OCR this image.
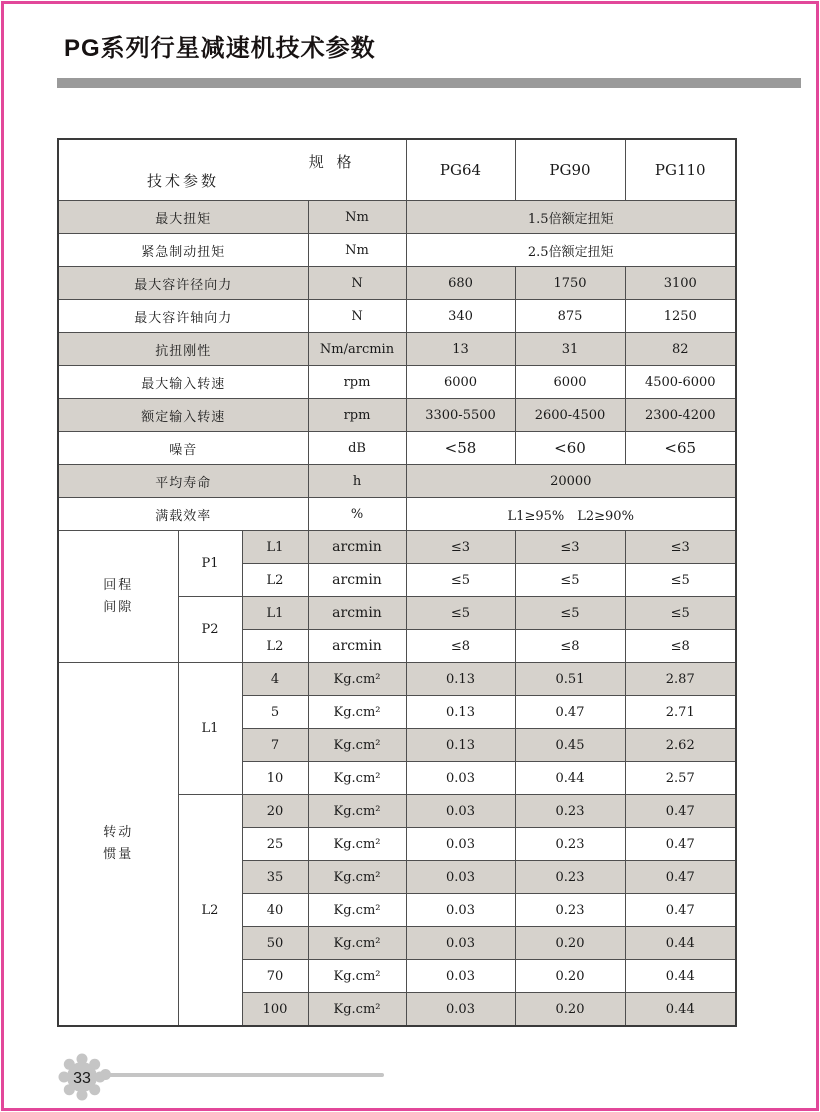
PG系列行星减速机技术参数
规 格
技术参数				PG64	PG90	PG110
最大扭矩			Nm	1.5倍额定扭矩		
紧急制动扭矩			Nm	2.5倍额定扭矩		
最大容许径向力			N	680	1750	3100
最大容许轴向力			N	340	875	1250
抗扭刚性			Nm/arcmin	13	31	82
最大输入转速			rpm	6000	6000	4500-6000
额定输入转速			rpm	3300-5500	2600-4500	2300-4200
噪音			dB	<58	<60	<65
平均寿命			h	20000		
满载效率			%	L1≥95%　L2≥90%		

回程
间隙	P1	L1	arcmin	≤3	≤3	≤3
		L2	arcmin	≤5	≤5	≤5
	P2	L1	arcmin	≤5	≤5	≤5
		L2	arcmin	≤8	≤8	≤8

转动
惯量	L1	4	Kg.cm²	0.13	0.51	2.87
		5	Kg.cm²	0.13	0.47	2.71
		7	Kg.cm²	0.13	0.45	2.62
		10	Kg.cm²	0.03	0.44	2.57
	L2	20	Kg.cm²	0.03	0.23	0.47
		25	Kg.cm²	0.03	0.23	0.47
		35	Kg.cm²	0.03	0.23	0.47
		40	Kg.cm²	0.03	0.23	0.47
		50	Kg.cm²	0.03	0.20	0.44
		70	Kg.cm²	0.03	0.20	0.44
		100	Kg.cm²	0.03	0.20	0.44
33
